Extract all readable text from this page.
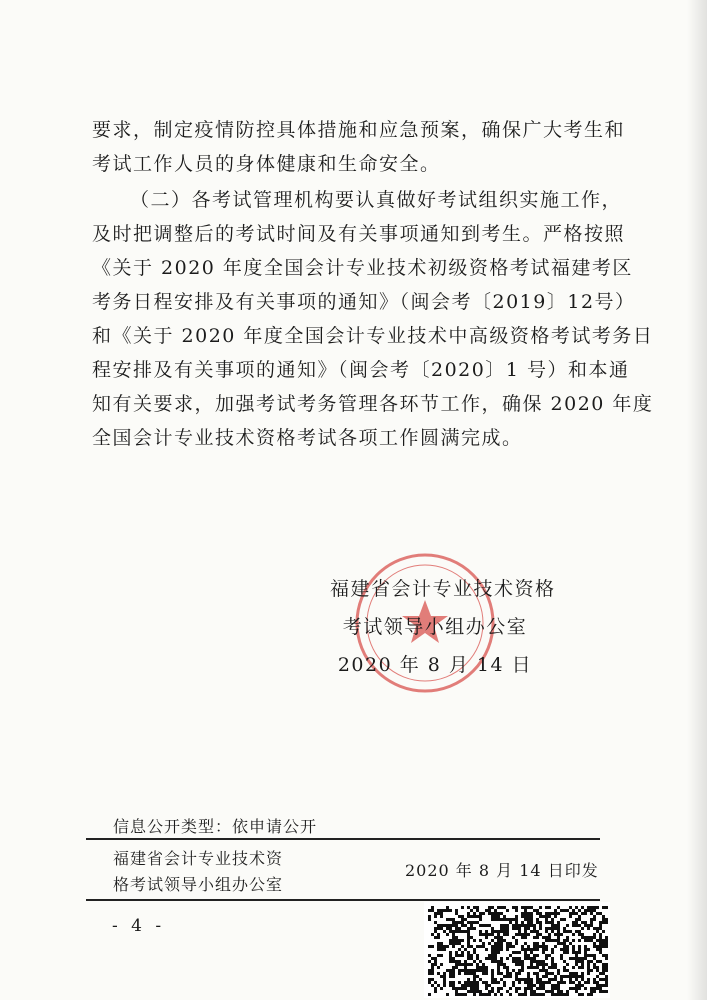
要求，制定疫情防控具体措施和应急预案，确保广大考生和
考试工作人员的身体健康和生命安全。
（二）各考试管理机构要认真做好考试组织实施工作，
及时把调整后的考试时间及有关事项通知到考生。严格按照
《关于 2020 年度全国会计专业技术初级资格考试福建考区
考务日程安排及有关事项的通知》（闽会考〔2019〕12号）
和《关于 2020 年度全国会计专业技术中高级资格考试考务日
程安排及有关事项的通知》（闽会考〔2020〕1 号）和本通
知有关要求，加强考试考务管理各环节工作，确保 2020 年度
全国会计专业技术资格考试各项工作圆满完成。
福建省会计专业技术资格
考试领导小组办公室
2020 年 8 月 14 日
信息公开类型：依申请公开
福建省会计专业技术资
格考试领导小组办公室
2020 年 8 月 14 日印发
- 4 -
